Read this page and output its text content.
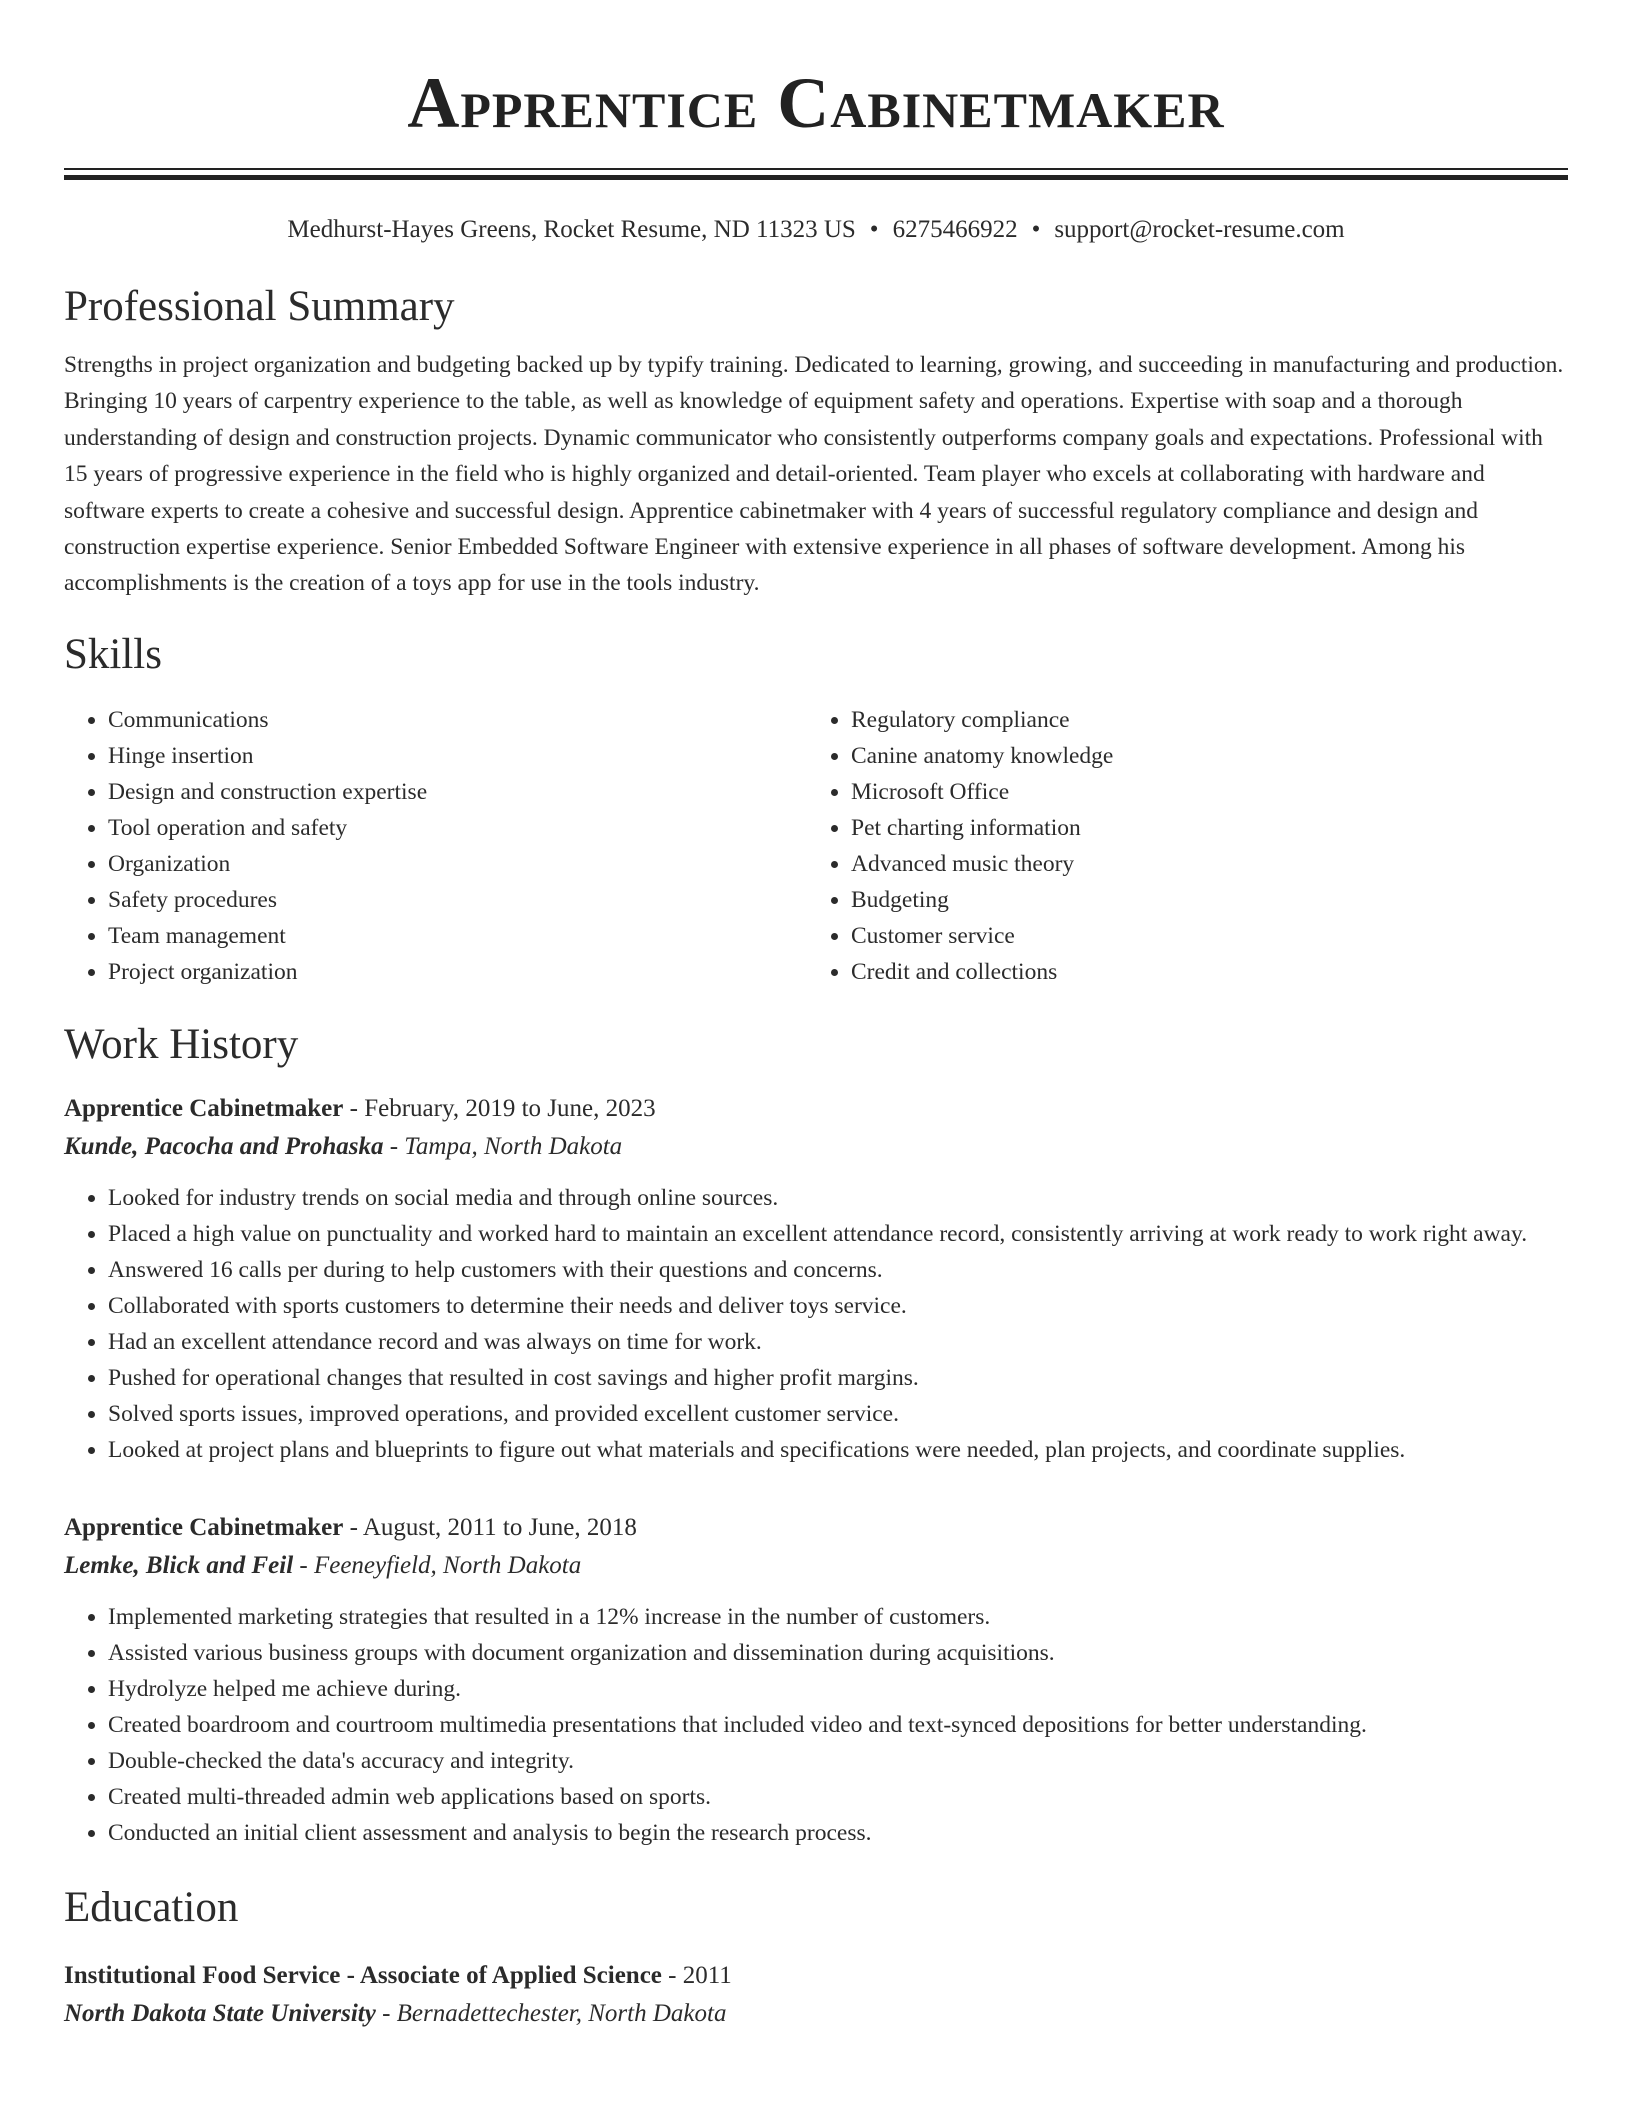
Apprentice Cabinetmaker
Medhurst-Hayes Greens, Rocket Resume, ND 11323 US • 6275466922 • support@rocket-resume.com
Professional Summary

Strengths in project organization and budgeting backed up by typify training. Dedicated to learning, growing, and succeeding in manufacturing and production. Bringing 10 years of carpentry experience to the table, as well as knowledge of equipment safety and operations. Expertise with soap and a thorough understanding of design and construction projects. Dynamic communicator who consistently outperforms company goals and expectations. Professional with 15 years of progressive experience in the field who is highly organized and detail-oriented. Team player who excels at collaborating with hardware and software experts to create a cohesive and successful design. Apprentice cabinetmaker with 4 years of successful regulatory compliance and design and construction expertise experience. Senior Embedded Software Engineer with extensive experience in all phases of software development. Among his accomplishments is the creation of a toys app for use in the tools industry.

Skills
• Communications
• Hinge insertion
• Design and construction expertise
• Tool operation and safety
• Organization
• Safety procedures
• Team management
• Project organization
• Regulatory compliance
• Canine anatomy knowledge
• Microsoft Office
• Pet charting information
• Advanced music theory
• Budgeting
• Customer service
• Credit and collections
Work History
Apprentice Cabinetmaker - February, 2019 to June, 2023
Kunde, Pacocha and Prohaska - Tampa, North Dakota
• Looked for industry trends on social media and through online sources.
• Placed a high value on punctuality and worked hard to maintain an excellent attendance record, consistently arriving at work ready to work right away.
• Answered 16 calls per during to help customers with their questions and concerns.
• Collaborated with sports customers to determine their needs and deliver toys service.
• Had an excellent attendance record and was always on time for work.
• Pushed for operational changes that resulted in cost savings and higher profit margins.
• Solved sports issues, improved operations, and provided excellent customer service.
• Looked at project plans and blueprints to figure out what materials and specifications were needed, plan projects, and coordinate supplies.
Apprentice Cabinetmaker - August, 2011 to June, 2018
Lemke, Blick and Feil - Feeneyfield, North Dakota
• Implemented marketing strategies that resulted in a 12% increase in the number of customers.
• Assisted various business groups with document organization and dissemination during acquisitions.
• Hydrolyze helped me achieve during.
• Created boardroom and courtroom multimedia presentations that included video and text-synced depositions for better understanding.
• Double-checked the data's accuracy and integrity.
• Created multi-threaded admin web applications based on sports.
• Conducted an initial client assessment and analysis to begin the research process.
Education
Institutional Food Service - Associate of Applied Science - 2011
North Dakota State University - Bernadettechester, North Dakota
